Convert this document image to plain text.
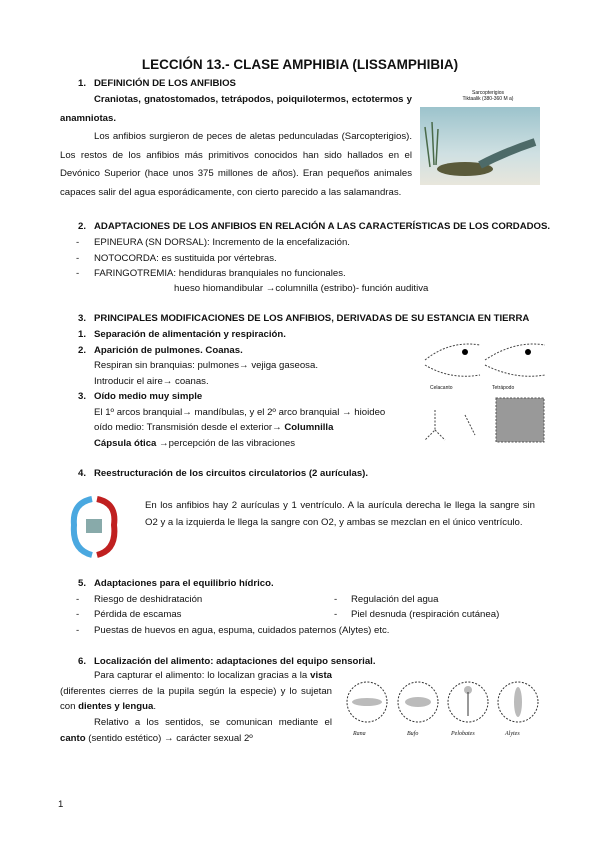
LECCIÓN 13.- CLASE AMPHIBIA (LISSAMPHIBIA)
1. DEFINICIÓN DE LOS ANFIBIOS
Craniotas, gnatostomados, tetrápodos, poiquilotermos, ectotermos y anamniotas.
Los anfibios surgieron de peces de aletas pedunculadas (Sarcopterigios). Los restos de los anfibios más primitivos conocidos han sido hallados en el Devónico Superior (hace unos 375 millones de años). Eran pequeños animales capaces salir del agua esporádicamente, con cierto parecido a las salamandras.
Sarcopterigios
Tiktaalik (380-360 M a)
2. ADAPTACIONES DE LOS ANFIBIOS EN RELACIÓN A LAS CARACTERÍSTICAS DE LOS CORDADOS.
- EPINEURA (SN DORSAL): Incremento de la encefalización.
- NOTOCORDA: es sustituida por vértebras.
- FARINGOTREMIA: hendiduras branquiales no funcionales.
hueso hiomandibular →columnilla (estribo)- función auditiva
3. PRINCIPALES MODIFICACIONES DE LOS ANFIBIOS, DERIVADAS DE SU ESTANCIA EN TIERRA
1. Separación de alimentación y respiración.
2. Aparición de pulmones. Coanas.
Respiran sin branquias: pulmones→ vejiga gaseosa.
Introducir el aire→ coanas.
3. Oído medio muy simple
El 1º arcos branquial→ mandíbulas, y el 2º arco branquial → hioideo
oído medio: Transmisión desde el exterior→ Columnilla
Cápsula ótica →percepción de las vibraciones
Celacanto	Tetrápodo
4. Reestructuración de los circuitos circulatorios (2 aurículas).
En los anfibios hay 2 aurículas y 1 ventrículo. A la aurícula derecha le llega la sangre sin O2 y a la izquierda le llega la sangre con O2, y ambas se mezclan en el único ventrículo.
5. Adaptaciones para el equilibrio hídrico.
- Riesgo de deshidratación
- Pérdida de escamas
- Regulación del agua
- Piel desnuda (respiración cutánea)
- Puestas de huevos en agua, espuma, cuidados paternos (Alytes) etc.
6. Localización del alimento: adaptaciones del equipo sensorial.
Para capturar el alimento: lo localizan gracias a la vista (diferentes cierres de la pupila según la especie) y lo sujetan con dientes y lengua.
Relativo a los sentidos, se comunican mediante el canto (sentido estético) → carácter sexual 2º	Rana	Bufo	Pelobates	Alytes
1
